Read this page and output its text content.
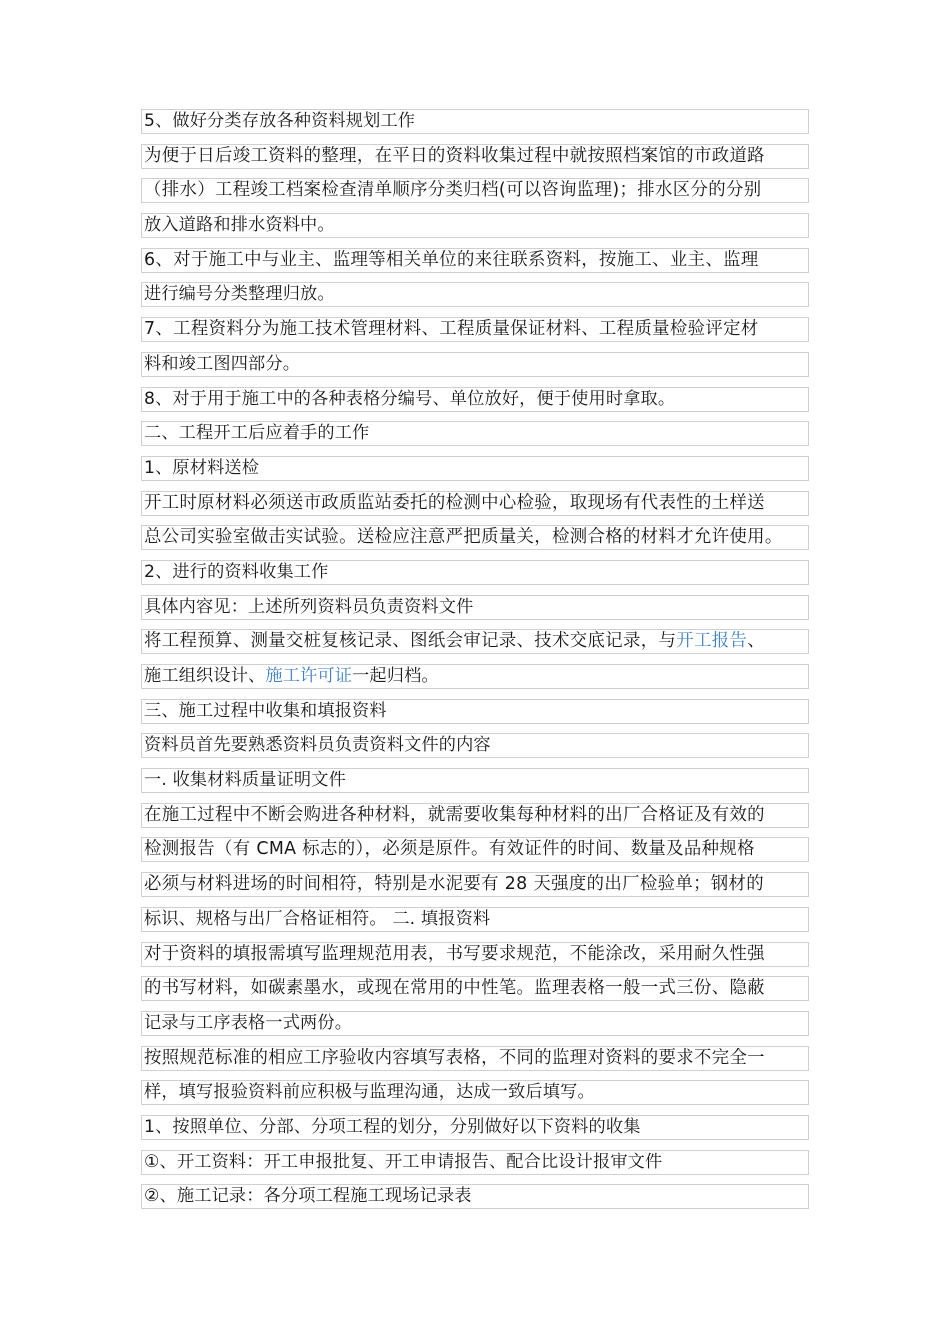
5、做好分类存放各种资料规划工作
为便于日后竣工资料的整理，在平日的资料收集过程中就按照档案馆的市政道路
（排水）工程竣工档案检查清单顺序分类归档(可以咨询监理)；排水区分的分别
放入道路和排水资料中。
6、对于施工中与业主、监理等相关单位的来往联系资料，按施工、业主、监理
进行编号分类整理归放。
7、工程资料分为施工技术管理材料、工程质量保证材料、工程质量检验评定材
料和竣工图四部分。
8、对于用于施工中的各种表格分编号、单位放好，便于使用时拿取。
二、工程开工后应着手的工作
1、原材料送检
开工时原材料必须送市政质监站委托的检测中心检验，取现场有代表性的土样送
总公司实验室做击实试验。送检应注意严把质量关，检测合格的材料才允许使用。
2、进行的资料收集工作
具体内容见：上述所列资料员负责资料文件
将工程预算、测量交桩复核记录、图纸会审记录、技术交底记录，与开工报告、
施工组织设计、施工许可证一起归档。
三、施工过程中收集和填报资料
资料员首先要熟悉资料员负责资料文件的内容
一. 收集材料质量证明文件
在施工过程中不断会购进各种材料，就需要收集每种材料的出厂合格证及有效的
检测报告（有 CMA 标志的），必须是原件。有效证件的时间、数量及品种规格
必须与材料进场的时间相符，特别是水泥要有 28 天强度的出厂检验单；钢材的
标识、规格与出厂合格证相符。 二. 填报资料
对于资料的填报需填写监理规范用表，书写要求规范，不能涂改，采用耐久性强
的书写材料，如碳素墨水，或现在常用的中性笔。监理表格一般一式三份、隐蔽
记录与工序表格一式两份。
按照规范标准的相应工序验收内容填写表格，不同的监理对资料的要求不完全一
样，填写报验资料前应积极与监理沟通，达成一致后填写。
1、按照单位、分部、分项工程的划分，分别做好以下资料的收集
①、开工资料：开工申报批复、开工申请报告、配合比设计报审文件
②、施工记录：各分项工程施工现场记录表
